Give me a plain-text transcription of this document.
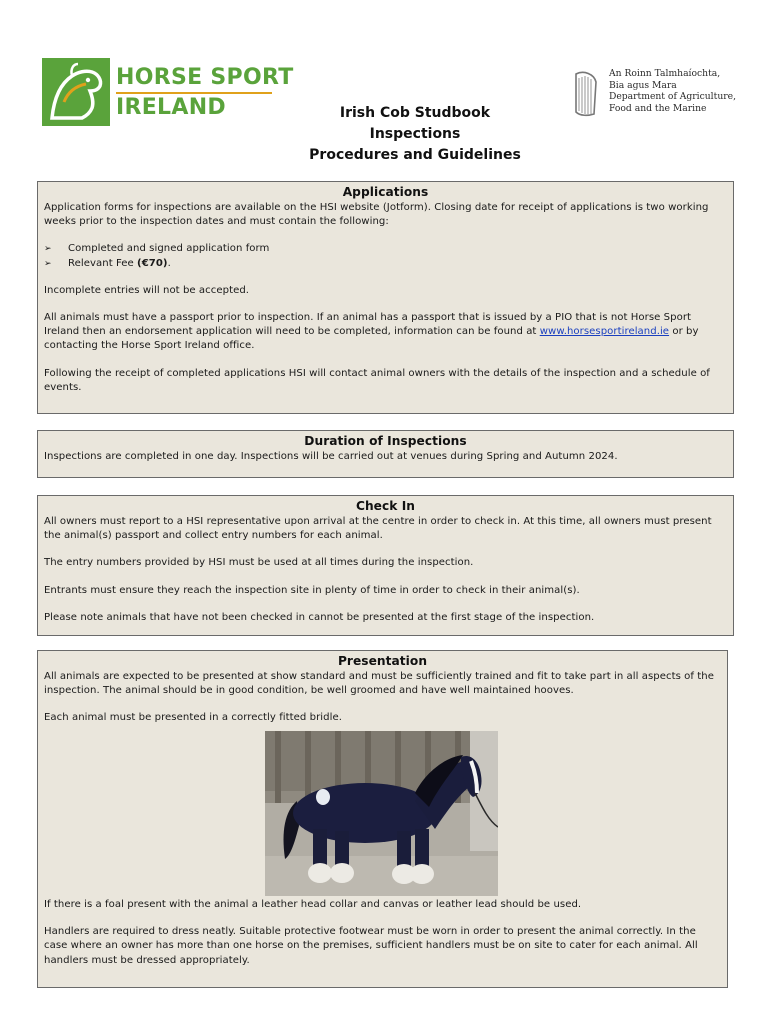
HORSE SPORT
IRELAND
An Roinn Talmhaíochta,
Bia agus Mara
Department of Agriculture,
Food and the Marine
Irish Cob Studbook
Inspections
Procedures and Guidelines
Applications

Application forms for inspections are available on the HSI website (Jotform). Closing date for receipt of applications is two working weeks prior to the inspection dates and must contain the following:

➢ Completed and signed application form
➢ Relevant Fee (€70).

Incomplete entries will not be accepted.

All animals must have a passport prior to inspection. If an animal has a passport that is issued by a PIO that is not Horse Sport Ireland then an endorsement application will need to be completed, information can be found at www.horsesportireland.ie or by contacting the Horse Sport Ireland office.

Following the receipt of completed applications HSI will contact animal owners with the details of the inspection and a schedule of events.

Duration of Inspections

Inspections are completed in one day. Inspections will be carried out at venues during Spring and Autumn 2024.

Check In

All owners must report to a HSI representative upon arrival at the centre in order to check in. At this time, all owners must present the animal(s) passport and collect entry numbers for each animal.

The entry numbers provided by HSI must be used at all times during the inspection.

Entrants must ensure they reach the inspection site in plenty of time in order to check in their animal(s).

Please note animals that have not been checked in cannot be presented at the first stage of the inspection.

Presentation

All animals are expected to be presented at show standard and must be sufficiently trained and fit to take part in all aspects of the inspection. The animal should be in good condition, be well groomed and have well maintained hooves.

Each animal must be presented in a correctly fitted bridle.

If there is a foal present with the animal a leather head collar and canvas or leather lead should be used.

Handlers are required to dress neatly. Suitable protective footwear must be worn in order to present the animal correctly. In the case where an owner has more than one horse on the premises, sufficient handlers must be on site to cater for each animal. All handlers must be dressed appropriately.
